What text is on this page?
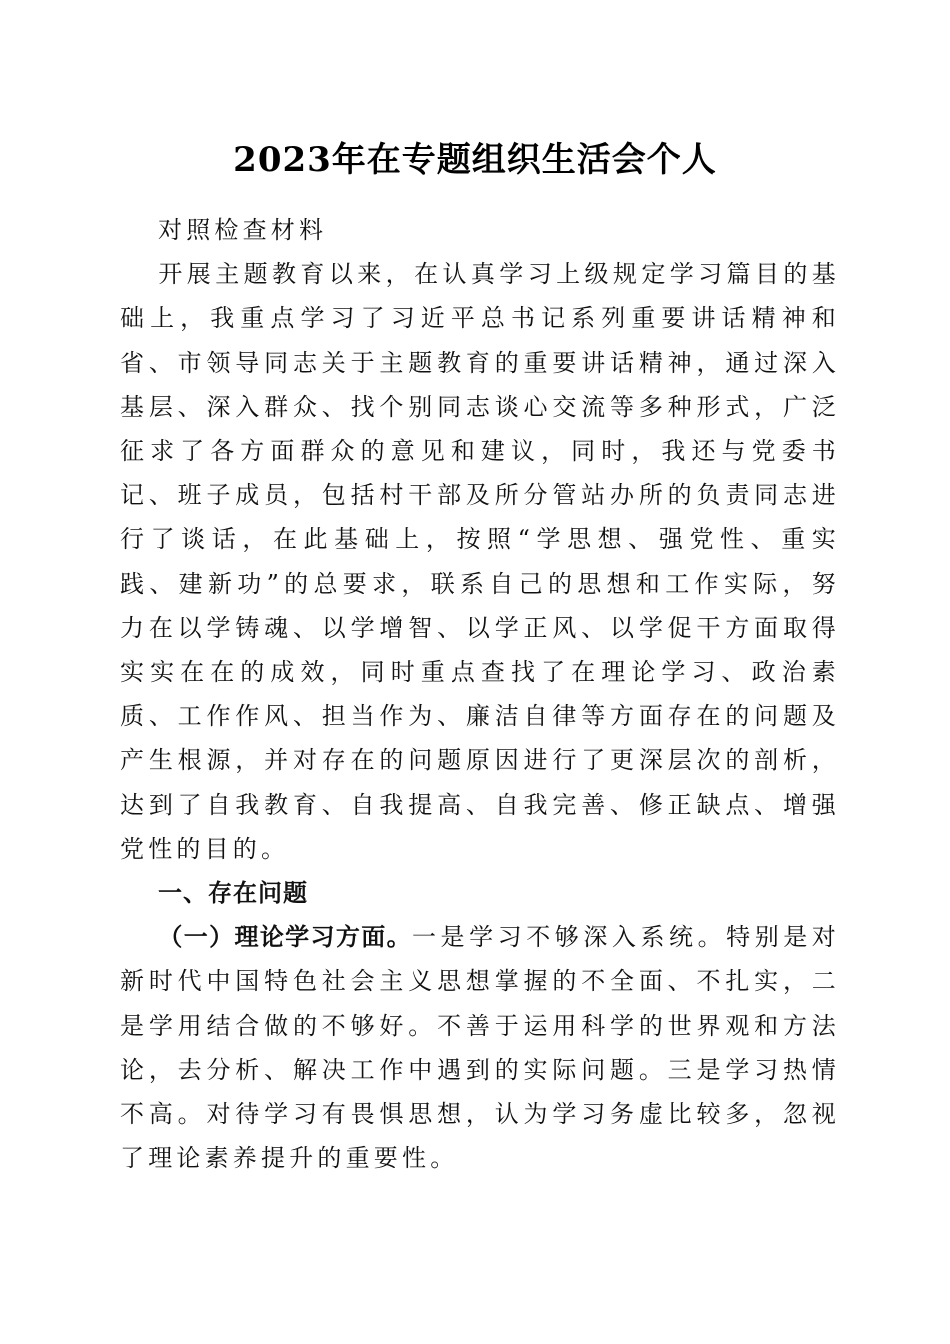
2023年在专题组织生活会个人

对照检查材料

开展主题教育以来，在认真学习上级规定学习篇目的基础上，我重点学习了习近平总书记系列重要讲话精神和省、市领导同志关于主题教育的重要讲话精神，通过深入基层、深入群众、找个别同志谈心交流等多种形式，广泛征求了各方面群众的意见和建议，同时，我还与党委书记、班子成员，包括村干部及所分管站办所的负责同志进行了谈话，在此基础上，按照“学思想、强党性、重实践、建新功”的总要求，联系自己的思想和工作实际，努力在以学铸魂、以学增智、以学正风、以学促干方面取得实实在在的成效，同时重点查找了在理论学习、政治素质、工作作风、担当作为、廉洁自律等方面存在的问题及产生根源，并对存在的问题原因进行了更深层次的剖析，达到了自我教育、自我提高、自我完善、修正缺点、增强党性的目的。

一、存在问题

（一）理论学习方面。一是学习不够深入系统。特别是对新时代中国特色社会主义思想掌握的不全面、不扎实，二是学用结合做的不够好。不善于运用科学的世界观和方法论，去分析、解决工作中遇到的实际问题。三是学习热情不高。对待学习有畏惧思想，认为学习务虚比较多，忽视了理论素养提升的重要性。
